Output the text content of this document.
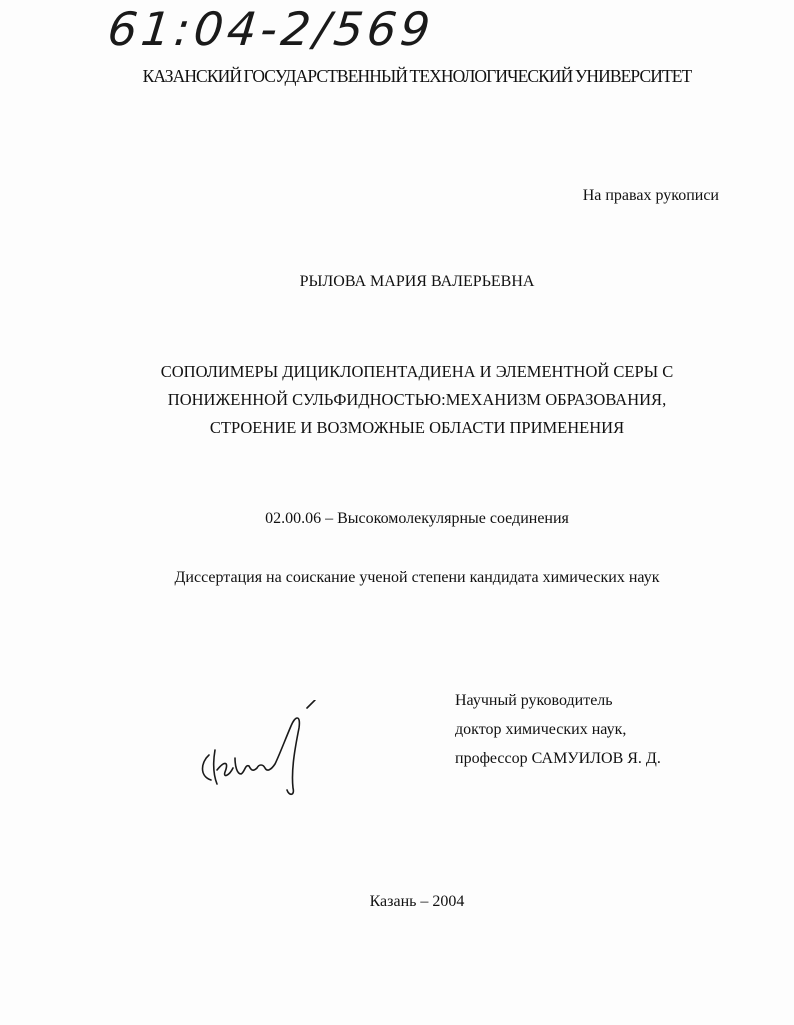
61:04-2/569
КАЗАНСКИЙ ГОСУДАРСТВЕННЫЙ ТЕХНОЛОГИЧЕСКИЙ УНИВЕРСИТЕТ
На правах рукописи
РЫЛОВА МАРИЯ ВАЛЕРЬЕВНА
СОПОЛИМЕРЫ ДИЦИКЛОПЕНТАДИЕНА И ЭЛЕМЕНТНОЙ СЕРЫ С
ПОНИЖЕННОЙ СУЛЬФИДНОСТЬЮ:МЕХАНИЗМ ОБРАЗОВАНИЯ,
СТРОЕНИЕ И ВОЗМОЖНЫЕ ОБЛАСТИ ПРИМЕНЕНИЯ
02.00.06 – Высокомолекулярные соединения
Диссертация на соискание ученой степени кандидата химических наук
Научный руководитель
доктор химических наук,
профессор САМУИЛОВ Я. Д.
Казань – 2004
